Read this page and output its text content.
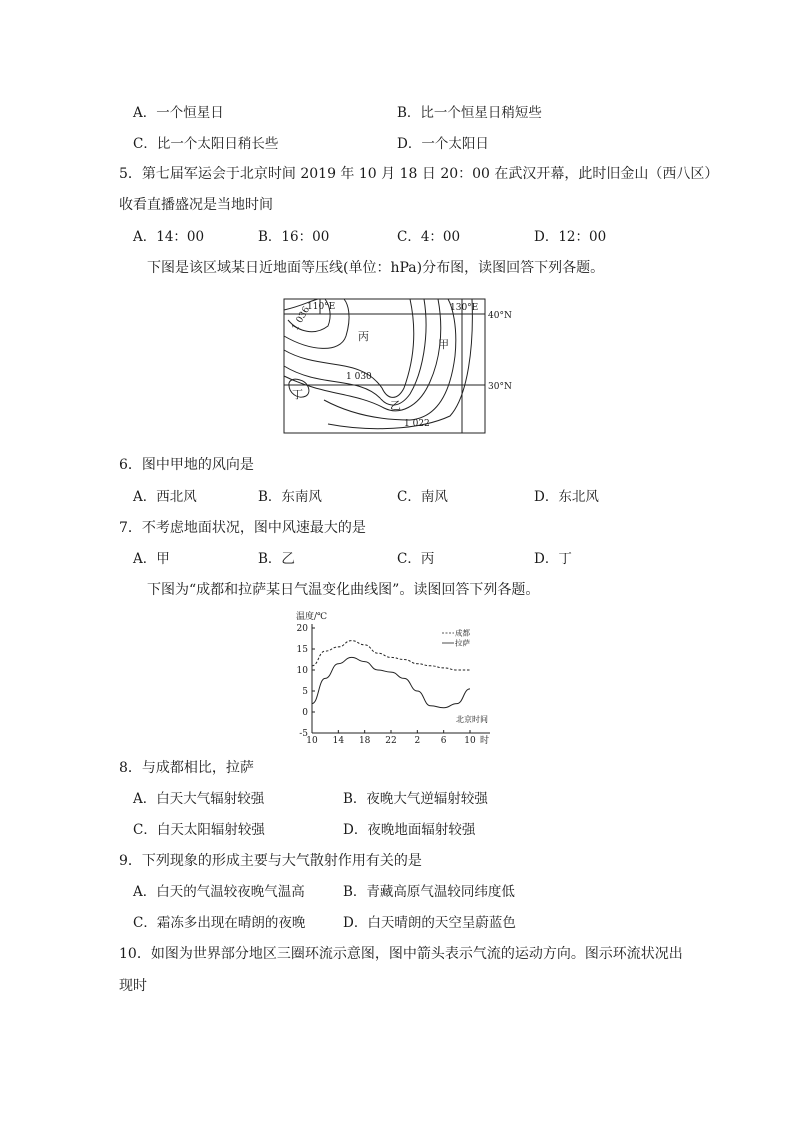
A．一个恒星日	B．比一个恒星日稍短些
C．比一个太阳日稍长些	D．一个太阳日
5．第七届军运会于北京时间 2019 年 10 月 18 日 20：00 在武汉开幕，此时旧金山（西八区）
收看直播盛况是当地时间
A．14：00	B．16：00	C．4：00	D．12：00
下图是该区域某日近地面等压线(单位：hPa)分布图，读图回答下列各题。
110°E	130°E
40°N
30°N
1 036
1 030
1 022
丙
甲
乙
丁
6．图中甲地的风向是
A．西北风	B．东南风	C．南风	D．东北风
7．不考虑地面状况，图中风速最大的是
A．甲	B．乙	C．丙	D．丁
下图为“成都和拉萨某日气温变化曲线图”。读图回答下列各题。
20
15
10
5
0
-5
10 14 18 22 2 6 10
温度/℃
北京时间
时
成都
拉萨
8．与成都相比，拉萨
A．白天大气辐射较强	B．夜晚大气逆辐射较强
C．白天太阳辐射较强	D．夜晚地面辐射较强
9．下列现象的形成主要与大气散射作用有关的是
A．白天的气温较夜晚气温高	B．青藏高原气温较同纬度低
C．霜冻多出现在晴朗的夜晚	D．白天晴朗的天空呈蔚蓝色
10．如图为世界部分地区三圈环流示意图，图中箭头表示气流的运动方向。图示环流状况出
现时
